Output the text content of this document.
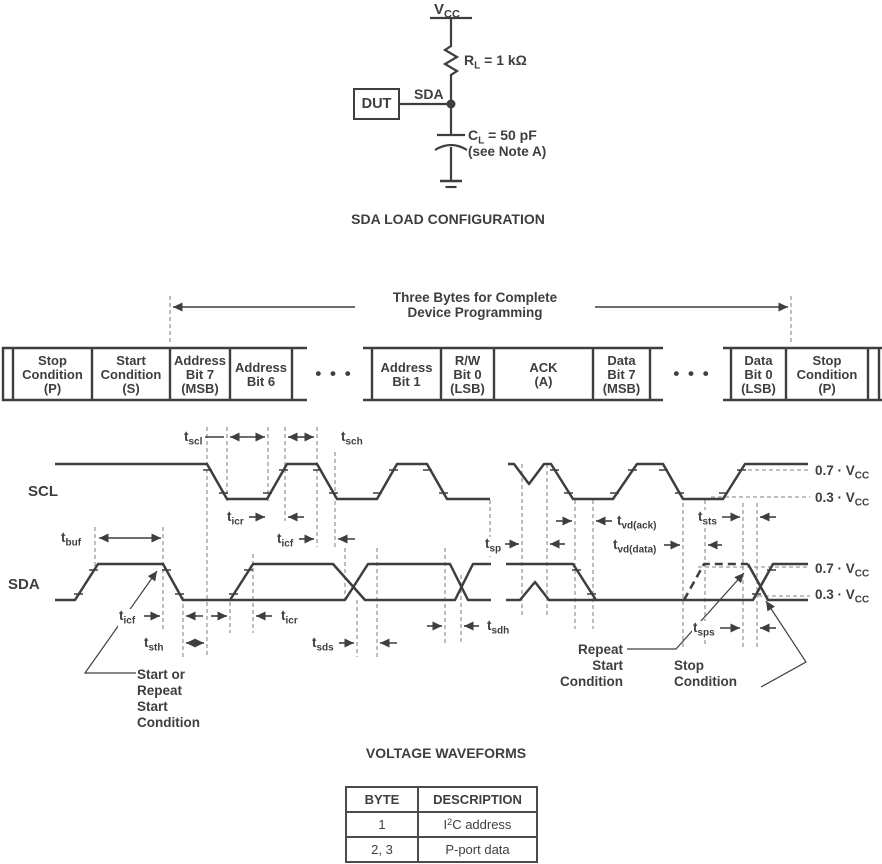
$V_{CC}$
$R_L = 1$ kΩ
SDA
DUT
$C_L = 50$ pF
(see Note A)
SDA LOAD CONFIGURATION
Three Bytes for Complete
Device Programming
Stop
Condition
(P)
Start
Condition
(S)
Address
Bit 7
(MSB)
Address
Bit 6	• • •	Address
Bit 1
R/W
Bit 0
(LSB)
ACK
(A)
Data
Bit 7
(MSB)
• • •
Data
Bit 0
(LSB)
Stop
Condition
(P)
SCL
SDA
$t_{scl}$	$t_{sch}$
$t_{icr}$
$t_{icf}$
$t_{buf}$	$t_{sp}$
$t_{vd(ack)}$
$t_{vd(data)}$
$t_{sts}$
$t_{icf}$
$t_{sth}$
$t_{icr}$
$t_{sds}$
$t_{sdh}$	$t_{sps}$
$0.7 \cdot V_{CC}$
$0.3 \cdot V_{CC}$
$0.7 \cdot V_{CC}$
$0.3 \cdot V_{CC}$
Start or
Repeat
Start
Condition
Repeat
Start
Condition
Stop
Condition
VOLTAGE WAVEFORMS
BYTE	DESCRIPTION
1	$I^2C$ address
2, 3	P-port data
